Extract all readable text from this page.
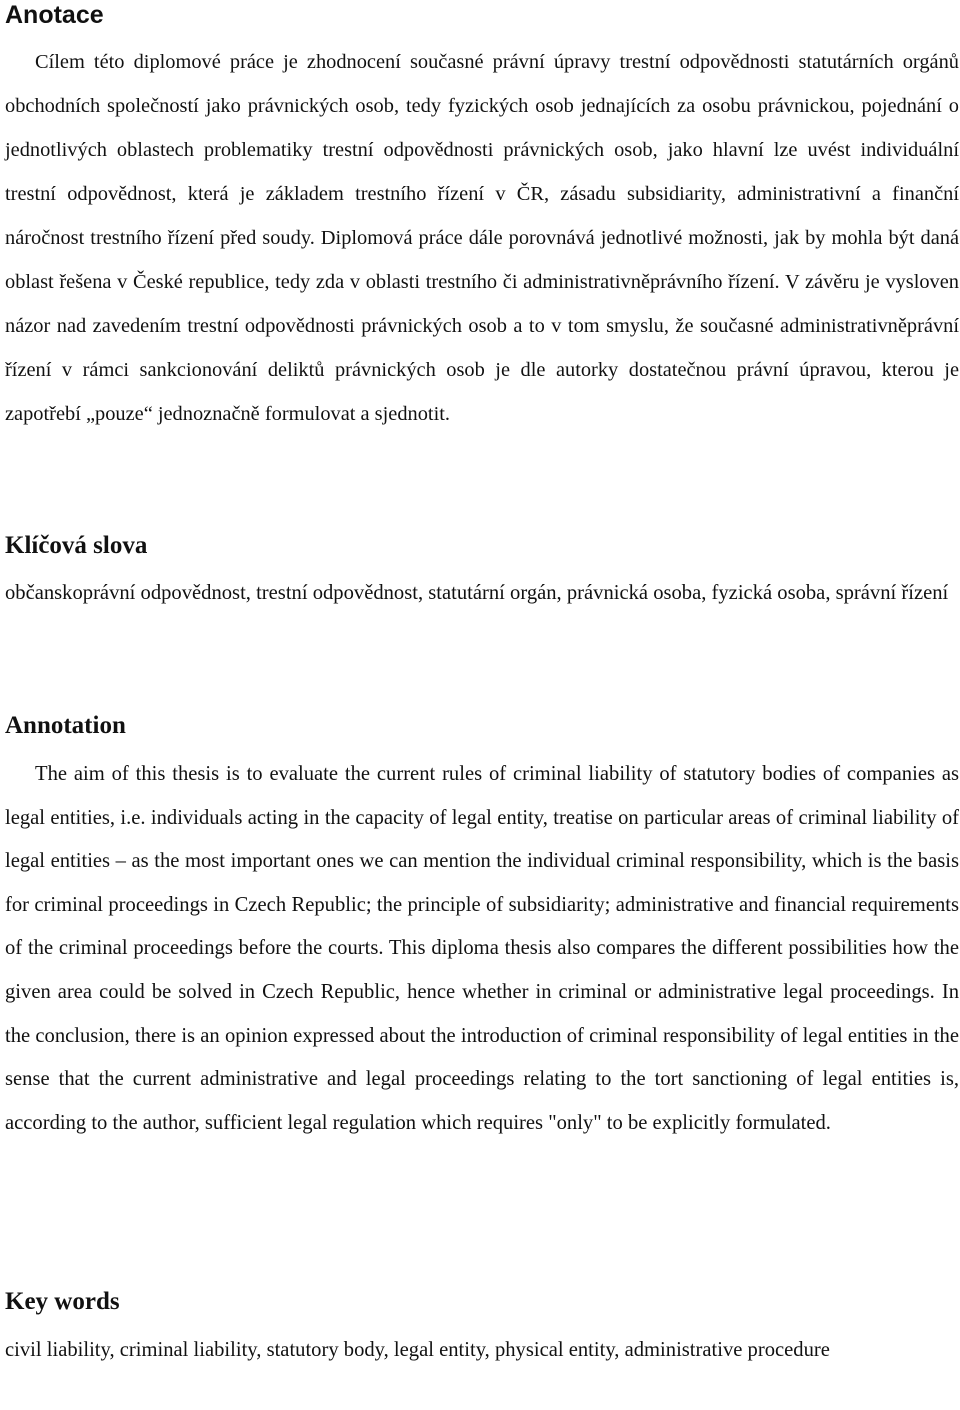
Anotace

Cílem této diplomové práce je zhodnocení současné právní úpravy trestní odpovědnosti statutárních orgánů obchodních společností jako právnických osob, tedy fyzických osob jednajících za osobu právnickou, pojednání o jednotlivých oblastech problematiky trestní odpovědnosti právnických osob, jako hlavní lze uvést individuální trestní odpovědnost, která je základem trestního řízení v ČR, zásadu subsidiarity, administrativní a finanční náročnost trestního řízení před soudy. Diplomová práce dále porovnává jednotlivé možnosti, jak by mohla být daná oblast řešena v České republice, tedy zda v oblasti trestního či administrativněprávního řízení. V závěru je vysloven názor nad zavedením trestní odpovědnosti právnických osob a to v tom smyslu, že současné administrativněprávní řízení v rámci sankcionování deliktů právnických osob je dle autorky dostatečnou právní úpravou, kterou je zapotřebí „pouze“ jednoznačně formulovat a sjednotit.

Klíčová slova

občanskoprávní odpovědnost, trestní odpovědnost, statutární orgán, právnická osoba, fyzická osoba, správní řízení

Annotation

The aim of this thesis is to evaluate the current rules of criminal liability of statutory bodies of companies as legal entities, i.e. individuals acting in the capacity of legal entity, treatise on particular areas of criminal liability of legal entities – as the most important ones we can mention the individual criminal responsibility, which is the basis for criminal proceedings in Czech Republic; the principle of subsidiarity; administrative and financial requirements of the criminal proceedings before the courts. This diploma thesis also compares the different possibilities how the given area could be solved in Czech Republic, hence whether in criminal or administrative legal proceedings. In the conclusion, there is an opinion expressed about the introduction of criminal responsibility of legal entities in the sense that the current administrative and legal proceedings relating to the tort sanctioning of legal entities is, according to the author, sufficient legal regulation which requires "only" to be explicitly formulated.

Key words

civil liability, criminal liability, statutory body, legal entity, physical entity, administrative procedure
